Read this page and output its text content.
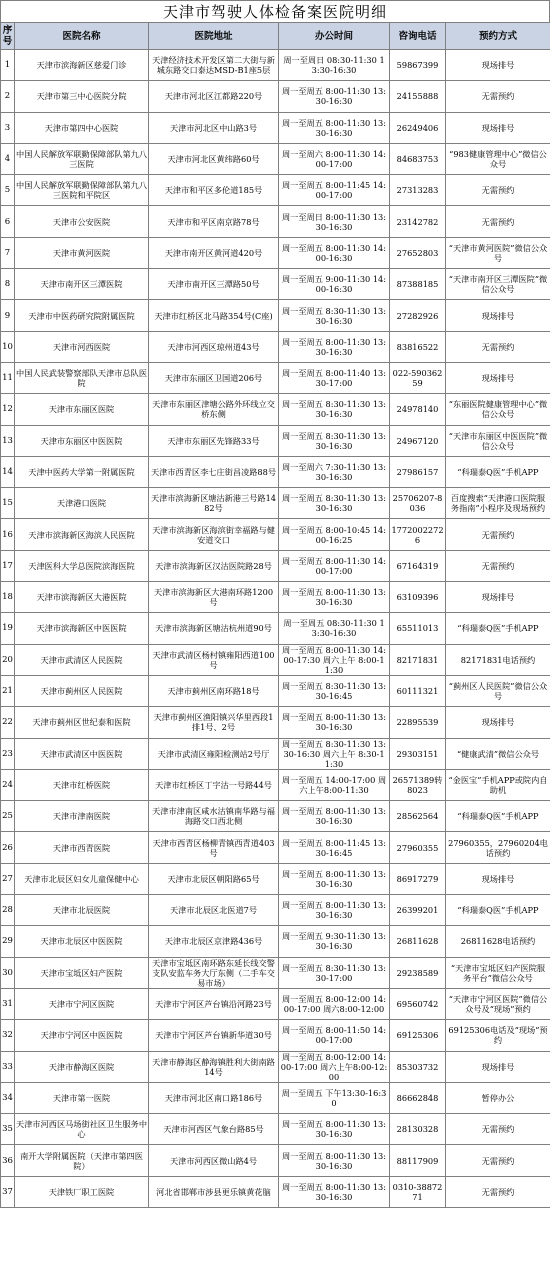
天津市驾驶人体检备案医院明细
序号	医院名称	医院地址	办公时间	咨询电话	预约方式
1	天津市滨海新区慈爱门诊	天津经济技术开发区第二大街与新城东路交口泰达MSD-B1座5层	周一至周日 08:30-11:30 13:30-16:30	59867399	现场排号
2	天津市第三中心医院分院	天津市河北区江都路220号	周一至周五 8:00-11:30 13:30-16:30	24155888	无需预约
3	天津市第四中心医院	天津市河北区中山路3号	周一至周五 8:00-11:30 13:30-16:30	26249406	现场排号
4	中国人民解放军联勤保障部队第九八三医院	天津市河北区黄纬路60号	周一至周六 8:00-11:30 14:00-17:00	84683753	“983健康管理中心”微信公众号
5	中国人民解放军联勤保障部队第九八三医院和平院区	天津市和平区多伦道185号	周一至周五 8:00-11:45 14:00-17:00	27313283	无需预约
6	天津市公安医院	天津市和平区南京路78号	周一至周日 8:00-11:30 13:30-16:30	23142782	无需预约
7	天津市黄河医院	天津市南开区黄河道420号	周一至周五 8:00-11:30 14:00-16:30	27652803	“天津市黄河医院”微信公众号
8	天津市南开区三潭医院	天津市南开区三潭路50号	周一至周五 9:00-11:30 14:00-16:30	87388185	“天津市南开区三潭医院”微信公众号
9	天津市中医药研究院附属医院	天津市红桥区北马路354号(C座)	周一至周五 8:30-11:30 13:30-16:30	27282926	现场排号
10	天津市河西医院	天津市河西区琼州道43号	周一至周五 8:00-11:30 13:30-16:30	83816522	无需预约
11	中国人民武装警察部队天津市总队医院	天津市东丽区卫国道206号	周一至周五 8:00-11:40 13:30-17:00	022-59036259	现场排号
12	天津市东丽区医院	天津市东丽区津塘公路外环线立交桥东侧	周一至周五 8:30-11:30 13:30-16:30	24978140	“东丽医院健康管理中心”微信公众号
13	天津市东丽区中医医院	天津市东丽区先锋路33号	周一至周五 8:30-11:30 13:30-16:30	24967120	“天津市东丽区中医医院”微信公众号
14	天津中医药大学第一附属医院	天津市西青区李七庄街昌凌路88号	周一至周六 7:30-11:30 13:30-16:30	27986157	“科瑞泰Q医”手机APP
15	天津港口医院	天津市滨海新区塘沽新港三号路1482号	周一至周五 8:30-11:30 13:30-16:30	25706207-8036	百度搜索“天津港口医院服务指南”小程序及现场预约
16	天津市滨海新区海滨人民医院	天津市滨海新区海滨街幸福路与健安道交口	周一至周五 8:00-10:45 14:00-16:25	17720022726	无需预约
17	天津医科大学总医院滨海医院	天津市滨海新区汉沽医院路28号	周一至周五 8:00-11:30 14:00-17:00	67164319	无需预约
18	天津市滨海新区大港医院	天津市滨海新区大港南环路1200号	周一至周五 8:00-11:30 13:30-16:30	63109396	现场排号
19	天津市滨海新区中医医院	天津市滨海新区塘沽杭州道90号	周一至周五 08:30-11:30 13:30-16:30	65511013	“科瑞泰Q医”手机APP
20	天津市武清区人民医院	天津市武清区杨村镇雍阳西道100号	周一至周五 8:00-11:30 14:00-17:30 周六上午 8:00-11:30	82171831	82171831电话预约
21	天津市蓟州区人民医院	天津市蓟州区南环路18号	周一至周五 8:30-11:30 13:30-16:45	60111321	“蓟州区人民医院”微信公众号
22	天津市蓟州区世纪泰和医院	天津市蓟州区渔阳镇兴华里西段1排1号、2号	周一至周五 8:00-11:30 13:30-16:30	22895539	现场排号
23	天津市武清区中医医院	天津市武清区雍阳检测站2号厅	周一至周五 8:30-11:30 13:30-16:30 周六上午 8:30-11:30	29303151	“健康武清”微信公众号
24	天津市红桥医院	天津市红桥区丁字沽一号路44号	周一至周五 14:00-17:00 周六上午8:00-11:30	26571389转8023	“金医宝”手机APP或院内自助机
25	天津市津南医院	天津市津南区咸水沽镇南华路与福海路交口西北侧	周一至周五 8:00-11:30 13:30-16:30	28562564	“科瑞泰Q医”手机APP
26	天津市西青医院	天津市西青区杨柳青镇西青道403号	周一至周五 8:00-11:45 13:30-16:45	27960355	27960355，27960204电话预约
27	天津市北辰区妇女儿童保健中心	天津市北辰区朝阳路65号	周一至周五 8:00-11:30 13:30-16:30	86917279	现场排号
28	天津市北辰医院	天津市北辰区北医道7号	周一至周五 8:00-11:30 13:30-16:30	26399201	“科瑞泰Q医”手机APP
29	天津市北辰区中医医院	天津市北辰区京津路436号	周一至周五 9:30-11:30 13:30-16:30	26811628	26811628电话预约
30	天津市宝坻区妇产医院	天津市宝坻区南环路东延长线交警支队安监车务大厅东侧（二手车交易市场）	周一至周五 8:30-11:30 13:30-17:00	29238589	“天津市宝坻区妇产医院服务平台”微信公众号
31	天津市宁河区医院	天津市宁河区芦台镇沿河路23号	周一至周五 8:00-12:00 14:00-17:00 周六8:00-12:00	69560742	“天津市宁河区医院”微信公众号及“现场”预约
32	天津市宁河区中医医院	天津市宁河区芦台镇新华道30号	周一至周五 8:00-11:50 14:00-17:00	69125306	69125306电话及“现场”预约
33	天津市静海区医院	天津市静海区静海镇胜利大街南路14号	周一至周五 8:00-12:00 14:00-17:00 周六上午8:00-12:00	85303732	现场排号
34	天津市第一医院	天津市河北区南口路186号	周一至周五 下午13:30-16:30	86662848	暂停办公
35	天津市河西区马场街社区卫生服务中心	天津市河西区气象台路85号	周一至周五 8:00-11:30 13:30-16:30	28130328	无需预约
36	南开大学附属医院（天津市第四医院）	天津市河西区微山路4号	周一至周五 8:00-11:30 13:30-16:30	88117909	无需预约
37	天津铁厂职工医院	河北省邯郸市涉县更乐镇黄花脑	周一至周五 8:00-11:30 13:30-16:30	0310-3887271	无需预约
